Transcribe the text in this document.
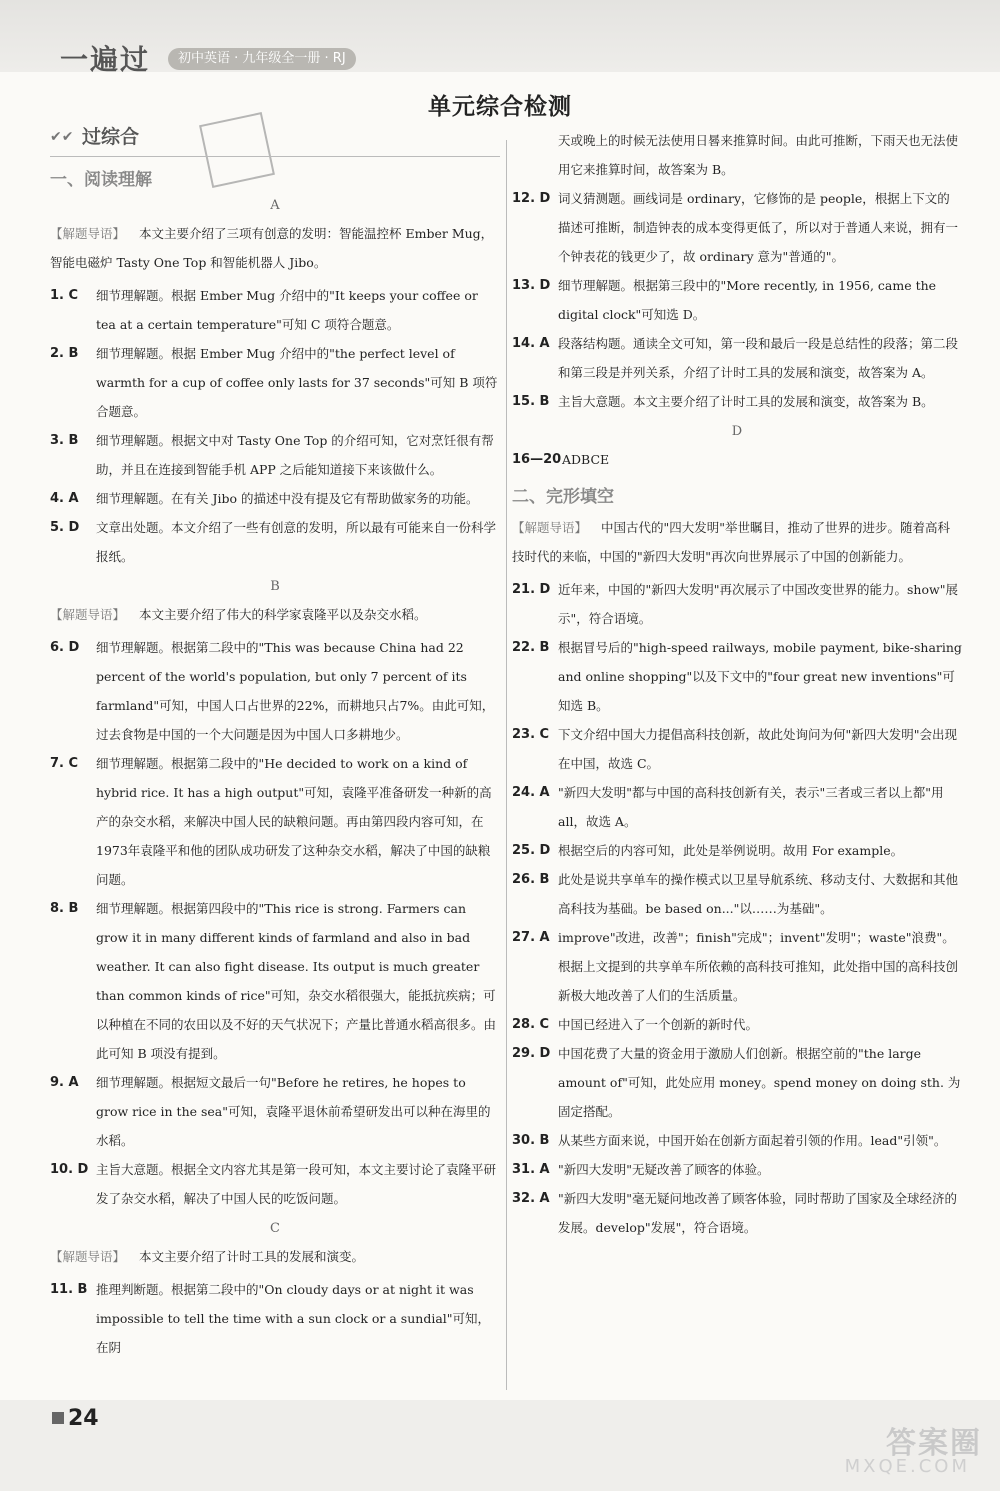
一遍过	初中英语 · 九年级全一册 · RJ
单元综合检测
✔✔ 过综合
一、阅读理解
A
【解题导语】 本文主要介绍了三项有创意的发明：智能温控杯 Ember Mug，智能电磁炉 Tasty One Top 和智能机器人 Jibo。
1. C	细节理解题。根据 Ember Mug 介绍中的"It keeps your coffee or tea at a certain temperature"可知 C 项符合题意。
2. B	细节理解题。根据 Ember Mug 介绍中的"the perfect level of warmth for a cup of coffee only lasts for 37 seconds"可知 B 项符合题意。
3. B	细节理解题。根据文中对 Tasty One Top 的介绍可知，它对烹饪很有帮助，并且在连接到智能手机 APP 之后能知道接下来该做什么。
4. A	细节理解题。在有关 Jibo 的描述中没有提及它有帮助做家务的功能。
5. D	文章出处题。本文介绍了一些有创意的发明，所以最有可能来自一份科学报纸。
B
【解题导语】 本文主要介绍了伟大的科学家袁隆平以及杂交水稻。
6. D	细节理解题。根据第二段中的"This was because China had 22 percent of the world's population, but only 7 percent of its farmland"可知，中国人口占世界的22%，而耕地只占7%。由此可知，过去食物是中国的一个大问题是因为中国人口多耕地少。
7. C	细节理解题。根据第二段中的"He decided to work on a kind of hybrid rice. It has a high output"可知，袁隆平准备研发一种新的高产的杂交水稻，来解决中国人民的缺粮问题。再由第四段内容可知，在1973年袁隆平和他的团队成功研发了这种杂交水稻，解决了中国的缺粮问题。
8. B	细节理解题。根据第四段中的"This rice is strong. Farmers can grow it in many different kinds of farmland and also in bad weather. It can also fight disease. Its output is much greater than common kinds of rice"可知，杂交水稻很强大，能抵抗疾病；可以种植在不同的农田以及不好的天气状况下；产量比普通水稻高很多。由此可知 B 项没有提到。
9. A	细节理解题。根据短文最后一句"Before he retires, he hopes to grow rice in the sea"可知，袁隆平退休前希望研发出可以种在海里的水稻。
10. D 主旨大意题。根据全文内容尤其是第一段可知，本文主要讨论了袁隆平研发了杂交水稻，解决了中国人民的吃饭问题。
C
【解题导语】 本文主要介绍了计时工具的发展和演变。
11. B 推理判断题。根据第二段中的"On cloudy days or at night it was impossible to tell the time with a sun clock or a sundial"可知，在阴
天或晚上的时候无法使用日晷来推算时间。由此可推断，下雨天也无法使用它来推算时间，故答案为 B。
12. D 词义猜测题。画线词是 ordinary，它修饰的是 people，根据上下文的描述可推断，制造钟表的成本变得更低了，所以对于普通人来说，拥有一个钟表花的钱更少了，故 ordinary 意为"普通的"。
13. D 细节理解题。根据第三段中的"More recently, in 1956, came the digital clock"可知选 D。
14. A 段落结构题。通读全文可知，第一段和最后一段是总结性的段落；第二段和第三段是并列关系，介绍了计时工具的发展和演变，故答案为 A。
15. B 主旨大意题。本文主要介绍了计时工具的发展和演变，故答案为 B。
D
16—20 ADBCE
二、完形填空
【解题导语】 中国古代的"四大发明"举世瞩目，推动了世界的进步。随着高科技时代的来临，中国的"新四大发明"再次向世界展示了中国的创新能力。
21. D 近年来，中国的"新四大发明"再次展示了中国改变世界的能力。show"展示"，符合语境。
22. B 根据冒号后的"high-speed railways, mobile payment, bike-sharing and online shopping"以及下文中的"four great new inventions"可知选 B。
23. C 下文介绍中国大力提倡高科技创新，故此处询问为何"新四大发明"会出现在中国，故选 C。
24. A "新四大发明"都与中国的高科技创新有关，表示"三者或三者以上都"用 all，故选 A。
25. D 根据空后的内容可知，此处是举例说明。故用 For example。
26. B 此处是说共享单车的操作模式以卫星导航系统、移动支付、大数据和其他高科技为基础。be based on..."以……为基础"。
27. A improve"改进，改善"；finish"完成"；invent"发明"；waste"浪费"。根据上文提到的共享单车所依赖的高科技可推知，此处指中国的高科技创新极大地改善了人们的生活质量。
28. C 中国已经进入了一个创新的新时代。
29. D 中国花费了大量的资金用于激励人们创新。根据空前的"the large amount of"可知，此处应用 money。spend money on doing sth. 为固定搭配。
30. B 从某些方面来说，中国开始在创新方面起着引领的作用。lead"引领"。
31. A "新四大发明"无疑改善了顾客的体验。
32. A "新四大发明"毫无疑问地改善了顾客体验，同时帮助了国家及全球经济的发展。develop"发展"，符合语境。
24
答案圈
MXQE.COM
